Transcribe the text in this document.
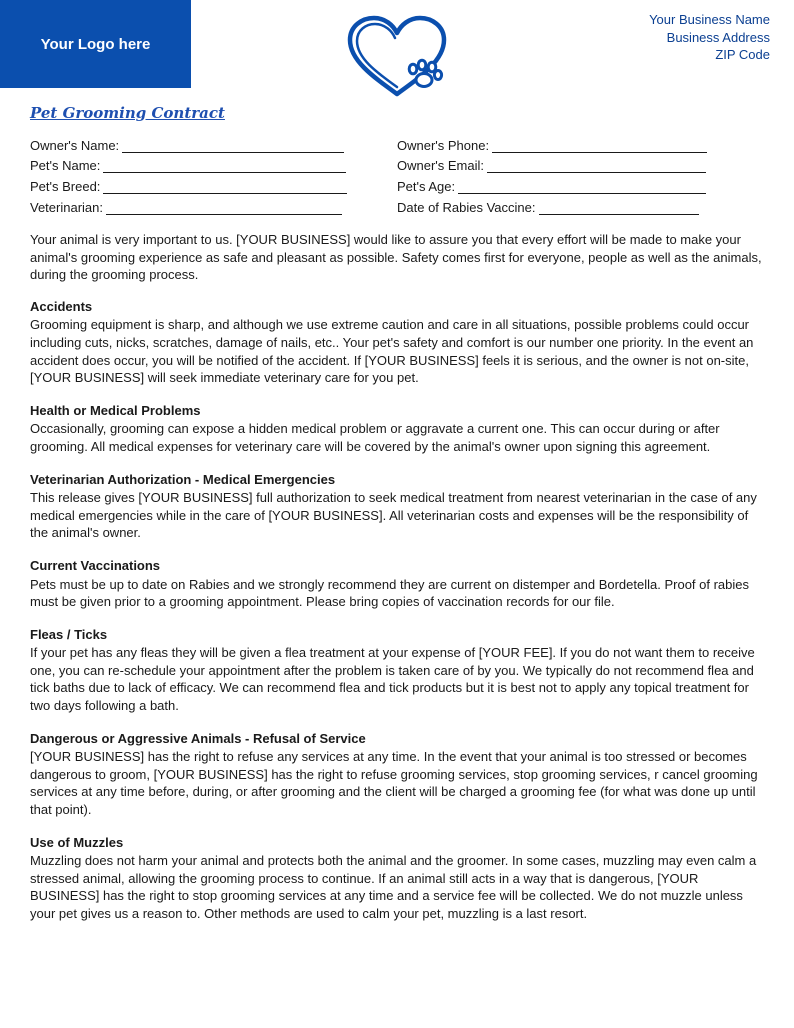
Your Logo here
Your Business Name
Business Address
ZIP Code
Pet Grooming Contract
Owner's Name:
Pet's Name:
Pet's Breed:
Veterinarian:
Owner's Phone:
Owner's Email:
Pet's Age:
Date of Rabies Vaccine:

Your animal is very important to us. [YOUR BUSINESS] would like to assure you that every effort will be made to make your animal's grooming experience as safe and pleasant as possible. Safety comes first for everyone, people as well as the animals, during the grooming process.

Accidents

Grooming equipment is sharp, and although we use extreme caution and care in all situations, possible problems could occur including cuts, nicks, scratches, damage of nails, etc.. Your pet's safety and comfort is our number one priority. In the event an accident does occur, you will be notified of the accident. If [YOUR BUSINESS] feels it is serious, and the owner is not on-site, [YOUR BUSINESS] will seek immediate veterinary care for you pet.

Health or Medical Problems

Occasionally, grooming can expose a hidden medical problem or aggravate a current one. This can occur during or after grooming. All medical expenses for veterinary care will be covered by the animal's owner upon signing this agreement.

Veterinarian Authorization - Medical Emergencies

This release gives [YOUR BUSINESS] full authorization to seek medical treatment from nearest veterinarian in the case of any medical emergencies while in the care of [YOUR BUSINESS]. All veterinarian costs and expenses will be the responsibility of the animal's owner.

Current Vaccinations

Pets must be up to date on Rabies and we strongly recommend they are current on distemper and Bordetella. Proof of rabies must be given prior to a grooming appointment. Please bring copies of vaccination records for our file.

Fleas / Ticks

If your pet has any fleas they will be given a flea treatment at your expense of [YOUR FEE]. If you do not want them to receive one, you can re-schedule your appointment after the problem is taken care of by you. We typically do not recommend flea and tick baths due to lack of efficacy. We can recommend flea and tick products but it is best not to apply any topical treatment for two days following a bath.

Dangerous or Aggressive Animals - Refusal of Service

[YOUR BUSINESS] has the right to refuse any services at any time. In the event that your animal is too stressed or becomes dangerous to groom, [YOUR BUSINESS] has the right to refuse grooming services, stop grooming services, r cancel grooming services at any time before, during, or after grooming and the client will be charged a grooming fee (for what was done up until that point).

Use of Muzzles

Muzzling does not harm your animal and protects both the animal and the groomer. In some cases, muzzling may even calm a stressed animal, allowing the grooming process to continue. If an animal still acts in a way that is dangerous, [YOUR BUSINESS] has the right to stop grooming services at any time and a service fee will be collected. We do not muzzle unless your pet gives us a reason to. Other methods are used to calm your pet, muzzling is a last resort.
